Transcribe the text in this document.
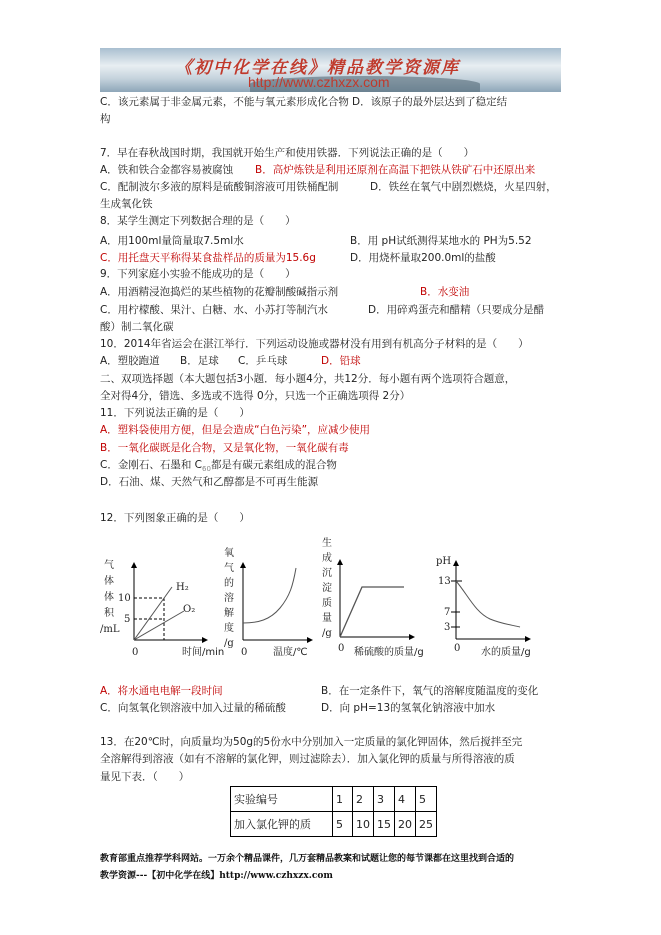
《初中化学在线》精品教学资源库
http://www.czhxzx.com
C．该元素属于非金属元素，不能与氧元素形成化合物 D．该原子的最外层达到了稳定结
构
7．早在春秋战国时期，我国就开始生产和使用铁器．下列说法正确的是（　　）
A．铁和铁合金都容易被腐蚀 B．高炉炼铁是利用还原剂在高温下把铁从铁矿石中还原出来
C．配制波尔多液的原料是硫酸铜溶液可用铁桶配制	D．铁丝在氧气中剧烈燃烧，火星四射，
生成氧化铁
8．某学生测定下列数据合理的是（　　）
A．用100ml量筒量取7.5ml水	B．用 pH试纸测得某地水的 PH为5.52
C．用托盘天平称得某食盐样品的质量为15.6g	D．用烧杯量取200.0ml的盐酸
9．下列家庭小实验不能成功的是（　　）
A．用酒精浸泡捣烂的某些植物的花瓣制酸碱指示剂	B．水变油
C．用柠檬酸、果汁、白糖、水、小苏打等制汽水	D．用碎鸡蛋壳和醋精（只要成分是醋
酸）制二氧化碳
10．2014年省运会在湛江举行．下列运动设施或器材没有用到有机高分子材料的是（　　）
A．塑胶跑道 B．足球 C．乒乓球	D．铅球
二、双项选择题（本大题包括3小题．每小题4分，共12分．每小题有两个选项符合题意，
全对得4分，错选、多选或不选得 0分，只选一个正确选项得 2分）
11．下列说法正确的是（　　）
A．塑料袋使用方便，但是会造成“白色污染”，应减少使用
B．一氧化碳既是化合物，又是氧化物，一氧化碳有毒
C．金刚石、石墨和 $C_{60}$都是有碳元素组成的混合物
D．石油、煤、天然气和乙醇都是不可再生能源
12．下列图象正确的是（　　）
10
5
H₂
O₂
0	时间/min
气
体
体
积
/mL
0	温度/℃
氧
气
的
溶
解
度
/g	0 稀硫酸的质量/g
生
成
沉
淀
质
量
/g
pH
13
7
3
0 水的质量/g
A．将水通电电解一段时间	B．在一定条件下，氧气的溶解度随温度的变化
C．向氢氧化钡溶液中加入过量的稀硫酸	D．向 pH=13的氢氧化钠溶液中加水
13．在20℃时，向质量均为50g的5份水中分别加入一定质量的氯化钾固体，然后搅拌至完
全溶解得到溶液（如有不溶解的氯化钾，则过滤除去）．加入氯化钾的质量与所得溶液的质
量见下表．（　　）
实验编号	1	2	3	4	5
加入氯化钾的质	5	10	15	20	25
教育部重点推荐学科网站。一万余个精品课件，几万套精品教案和试题让您的每节课都在这里找到合适的
教学资源---【初中化学在线】http://www.czhxzx.com
